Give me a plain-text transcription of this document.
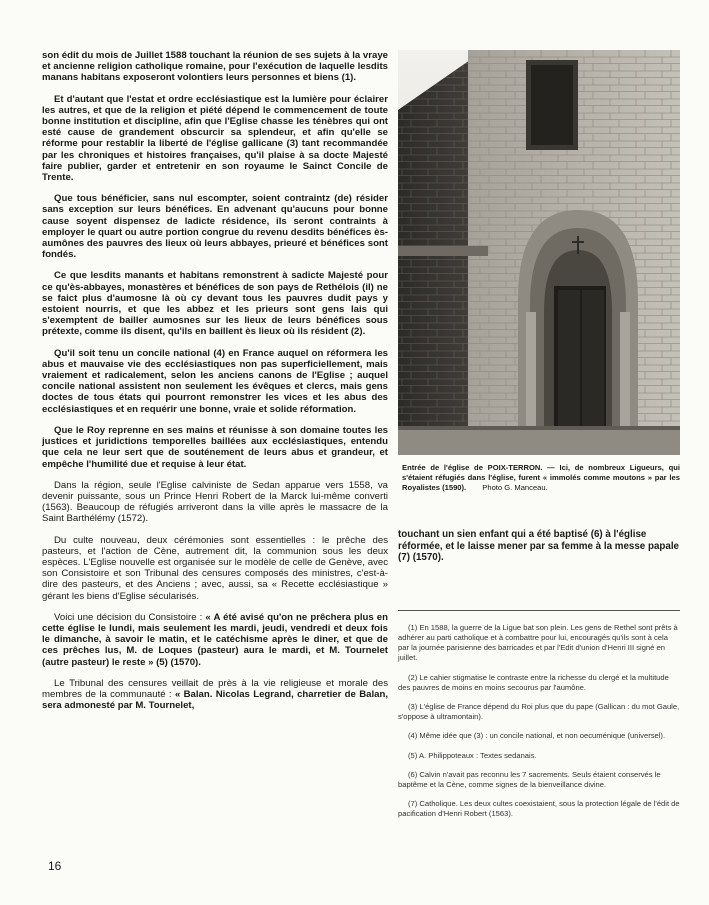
son édit du mois de Juillet 1588 touchant la réunion de ses sujets à la vraye et ancienne religion catholique romaine, pour l'exécution de laquelle lesdits manans habitans exposeront volontiers leurs personnes et biens (1).

Et d'autant que l'estat et ordre ecclésiastique est la lumière pour éclairer les autres, et que de la religion et piété dépend le commencement de toute bonne institution et discipline, afin que l'Eglise chasse les ténèbres qui ont esté cause de grandement obscurcir sa splendeur, et afin qu'elle se réforme pour restablir la liberté de l'église gallicane (3) tant recommandée par les chroniques et histoires françaises, qu'il plaise à sa docte Majesté faire publier, garder et entretenir en son royaume le Sainct Concile de Trente.

Que tous bénéficier, sans nul escompter, soient contraintz (de) résider sans exception sur leurs bénéfices. En advenant qu'aucuns pour bonne cause soyent dispensez de ladicte résidence, ils seront contraints à employer le quart ou autre portion congrue du revenu desdits bénéfices ès-aumônes des pauvres des lieux où leurs abbayes, prieuré et bénéfices sont fondés.

Ce que lesdits manants et habitans remonstrent à sadicte Majesté pour ce qu'ès-abbayes, monastères et bénéfices de son pays de Rethélois (il) ne se faict plus d'aumosne là où cy devant tous les pauvres dudit pays y estoient nourris, et que les abbez et les prieurs sont gens lais qui s'exemptent de bailler aumosnes sur les lieux de leurs bénéfices sous prétexte, comme ils disent, qu'ils en baillent ès lieux où ils résident (2).

Qu'il soit tenu un concile national (4) en France auquel on réformera les abus et mauvaise vie des ecclésiastiques non pas superficiellement, mais vraiement et radicalement, selon les anciens canons de l'Eglise ; auquel concile national assistent non seulement les évêques et clercs, mais gens doctes de tous états qui pourront remonstrer les vices et les abus des ecclésiastiques et en requérir une bonne, vraie et solide réformation.

Que le Roy reprenne en ses mains et réunisse à son domaine toutes les justices et juridictions temporelles baillées aux ecclésiastiques, entendu que cela ne leur sert que de souténement de leurs abus et grandeur, et empêche l'humilité due et requise à leur état.

Dans la région, seule l'Eglise calviniste de Sedan apparue vers 1558, va devenir puissante, sous un Prince Henri Robert de la Marck lui-même converti (1563). Beaucoup de réfugiés arriveront dans la ville après le massacre de la Saint Barthélémy (1572).

Du culte nouveau, deux cérémonies sont essentielles : le prêche des pasteurs, et l'action de Cène, autrement dit, la communion sous les deux espèces. L'Eglise nouvelle est organisée sur le modèle de celle de Genève, avec son Consistoire et son Tribunal des censures composés des ministres, c'est-à-dire des pasteurs, et des Anciens ; avec, aussi, sa « Recette ecclésiastique » gérant les biens d'Eglise sécularisés.

Voici une décision du Consistoire : « A été avisé qu'on ne prêchera plus en cette église le lundi, mais seulement les mardi, jeudi, vendredi et deux fois le dimanche, à savoir le matin, et le catéchisme après le diner, et que de ces prêches lus, M. de Loques (pasteur) aura le mardi, et M. Tournelet (autre pasteur) le reste » (5) (1570).

Le Tribunal des censures veillait de près à la vie religieuse et morale des membres de la communauté : « Balan. Nicolas Legrand, charretier de Balan, sera admonesté par M. Tournelet,

Entrée de l'église de POIX-TERRON. — Ici, de nombreux Ligueurs, qui s'étaient réfugiés dans l'église, furent « immolés comme moutons » par les Royalistes (1590). Photo G. Manceau.
touchant un sien enfant qui a été baptisé (6) à l'église réformée, et le laisse mener par sa femme à la messe papale (7) (1570).

(1) En 1588, la guerre de la Ligue bat son plein. Les gens de Rethel sont prêts à adhérer au parti catholique et à combattre pour lui, encouragés qu'ils sont à cela par la journée parisienne des barricades et par l'Edit d'union d'Henri III signé en juillet.

(2) Le cahier stigmatise le contraste entre la richesse du clergé et la multitude des pauvres de moins en moins secourus par l'aumône.

(3) L'église de France dépend du Roi plus que du pape (Gallican : du mot Gaule, s'oppose à ultramontain).

(4) Même idée que (3) : un concile national, et non oecuménique (universel).

(5) A. Philippoteaux : Textes sedanais.

(6) Calvin n'avait pas reconnu les 7 sacrements. Seuls étaient conservés le baptême et la Cène, comme signes de la bienveillance divine.

(7) Catholique. Les deux cultes coexistaient, sous la protection légale de l'édit de pacification d'Henri Robert (1563).

16
